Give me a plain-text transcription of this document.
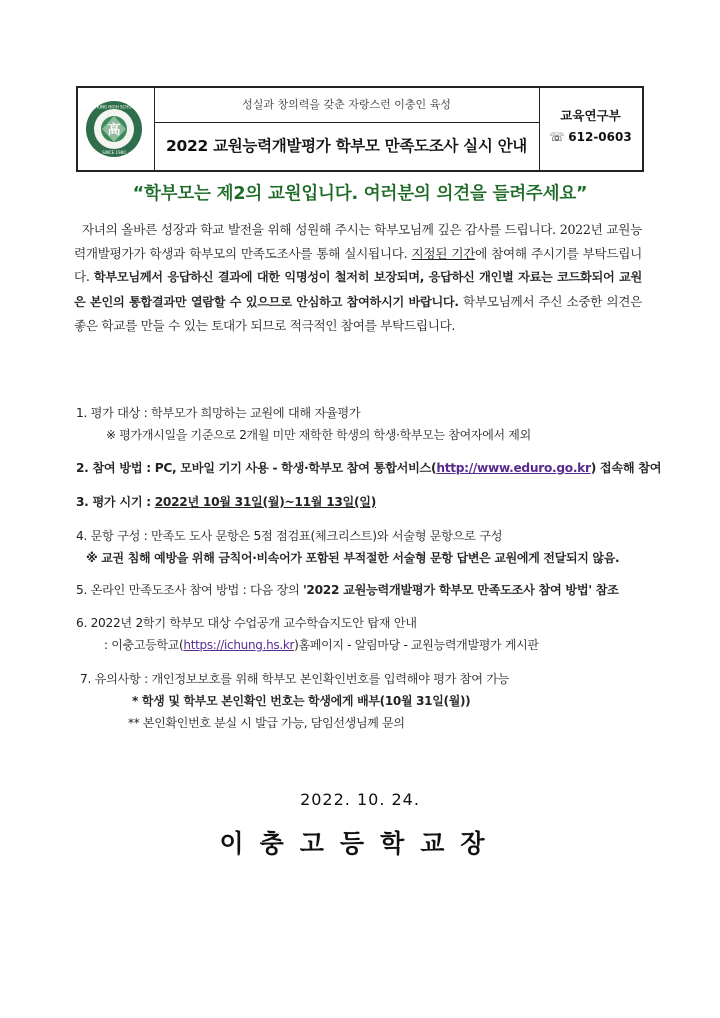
高
ICHUNG HIGH SCHOOL
SINCE 1980
성실과 창의력을 갖춘 자랑스런 이충인 육성
2022 교원능력개발평가 학부모 만족도조사 실시 안내
교육연구부
☏ 612-0603
“학부모는 제2의 교원입니다. 여러분의 의견을 들려주세요”
자녀의 올바른 성장과 학교 발전을 위해 성원해 주시는 학부모님께 깊은 감사를 드립니다. 2022년 교원능력개발평가가 학생과 학부모의 만족도조사를 통해 실시됩니다. 지정된 기간에 참여해 주시기를 부탁드립니다. 학부모님께서 응답하신 결과에 대한 익명성이 철저히 보장되며, 응답하신 개인별 자료는 코드화되어 교원은 본인의 통합결과만 열람할 수 있으므로 안심하고 참여하시기 바랍니다. 학부모님께서 주신 소중한 의견은 좋은 학교를 만들 수 있는 토대가 되므로 적극적인 참여를 부탁드립니다.
1. 평가 대상 : 학부모가 희망하는 교원에 대해 자율평가
※ 평가개시일을 기준으로 2개월 미만 재학한 학생의 학생·학부모는 참여자에서 제외
2. 참여 방법 : PC, 모바일 기기 사용 - 학생·학부모 참여 통합서비스(http://www.eduro.go.kr) 접속해 참여
3. 평가 시기 : 2022년 10월 31일(월)~11월 13일(일)
4. 문항 구성 : 만족도 도사 문항은 5점 점검표(체크리스트)와 서술형 문항으로 구성
※ 교권 침해 예방을 위해 금칙어·비속어가 포함된 부적절한 서술형 문항 답변은 교원에게 전달되지 않음.
5. 온라인 만족도조사 참여 방법 : 다음 장의 '2022 교원능력개발평가 학부모 만족도조사 참여 방법' 참조
6. 2022년 2학기 학부모 대상 수업공개 교수학습지도안 탑재 안내
: 이충고등학교(https://ichung.hs.kr)홈페이지 - 알림마당 - 교원능력개발평가 게시판
7. 유의사항 : 개인정보보호를 위해 학부모 본인확인번호를 입력해야 평가 참여 가능
* 학생 및 학부모 본인확인 번호는 학생에게 배부(10월 31일(월))
** 본인확인번호 분실 시 발급 가능, 담임선생님께 문의
2022. 10. 24.
이충고등학교장
